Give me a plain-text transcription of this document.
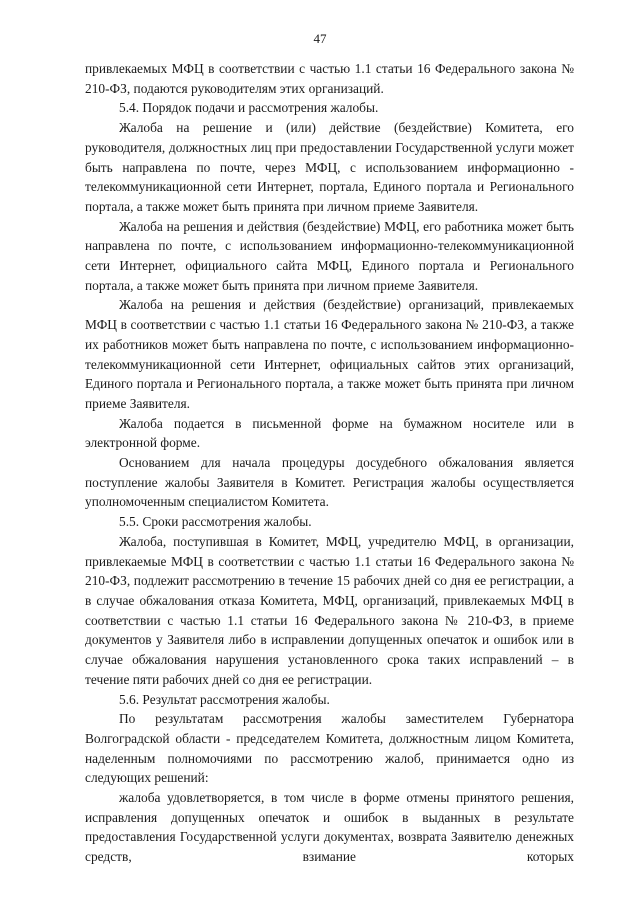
47

привлекаемых МФЦ в соответствии с частью 1.1 статьи 16 Федерального закона № 210-ФЗ, подаются руководителям этих организаций.

5.4. Порядок подачи и рассмотрения жалобы.

Жалоба на решение и (или) действие (бездействие) Комитета, его руководителя, должностных лиц при предоставлении Государственной услуги может быть направлена по почте, через МФЦ, с использованием информационно - телекоммуникационной сети Интернет, портала, Единого портала и Регионального портала, а также может быть принята при личном приеме Заявителя.

Жалоба на решения и действия (бездействие) МФЦ, его работника может быть направлена по почте, с использованием информационно-телекоммуникационной сети Интернет, официального сайта МФЦ, Единого портала и Регионального портала, а также может быть принята при личном приеме Заявителя.

Жалоба на решения и действия (бездействие) организаций, привлекаемых МФЦ в соответствии с частью 1.1 статьи 16 Федерального закона № 210-ФЗ, а также их работников может быть направлена по почте, с использованием информационно-телекоммуникационной сети Интернет, официальных сайтов этих организаций, Единого портала и Регионального портала, а также может быть принята при личном приеме Заявителя.

Жалоба подается в письменной форме на бумажном носителе или в электронной форме.

Основанием для начала процедуры досудебного обжалования является поступление жалобы Заявителя в Комитет. Регистрация жалобы осуществляется уполномоченным специалистом Комитета.

5.5. Сроки рассмотрения жалобы.

Жалоба, поступившая в Комитет, МФЦ, учредителю МФЦ, в организации, привлекаемые МФЦ в соответствии с частью 1.1 статьи 16 Федерального закона № 210-ФЗ, подлежит рассмотрению в течение 15 рабочих дней со дня ее регистрации, а в случае обжалования отказа Комитета, МФЦ, организаций, привлекаемых МФЦ в соответствии с частью 1.1 статьи 16 Федерального закона № 210-ФЗ, в приеме документов у Заявителя либо в исправлении допущенных опечаток и ошибок или в случае обжалования нарушения установленного срока таких исправлений – в течение пяти рабочих дней со дня ее регистрации.

5.6. Результат рассмотрения жалобы.

По результатам рассмотрения жалобы заместителем Губернатора Волгоградской области - председателем Комитета, должностным лицом Комитета, наделенным полномочиями по рассмотрению жалоб, принимается одно из следующих решений:

жалоба удовлетворяется, в том числе в форме отмены принятого решения, исправления допущенных опечаток и ошибок в выданных в результате предоставления Государственной услуги документах, возврата Заявителю денежных средств, взимание которых
